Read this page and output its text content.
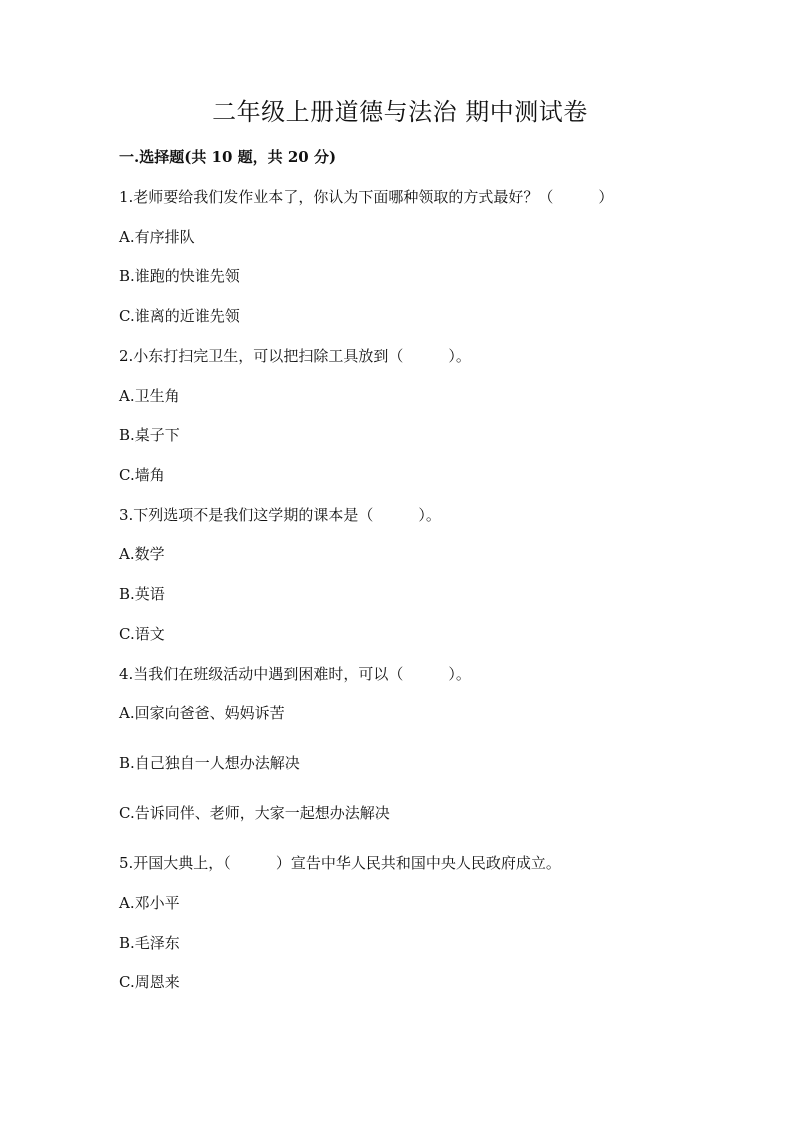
二年级上册道德与法治 期中测试卷
一.选择题(共 10 题，共 20 分)
1.老师要给我们发作业本了，你认为下面哪种领取的方式最好？（　　　）
A.有序排队
B.谁跑的快谁先领
C.谁离的近谁先领
2.小东打扫完卫生，可以把扫除工具放到（　　　）。
A.卫生角
B.桌子下
C.墙角
3.下列选项不是我们这学期的课本是（　　　）。
A.数学
B.英语
C.语文
4.当我们在班级活动中遇到困难时，可以（　　　）。
A.回家向爸爸、妈妈诉苦
B.自己独自一人想办法解决
C.告诉同伴、老师，大家一起想办法解决
5.开国大典上，（　　　）宣告中华人民共和国中央人民政府成立。
A.邓小平
B.毛泽东
C.周恩来
